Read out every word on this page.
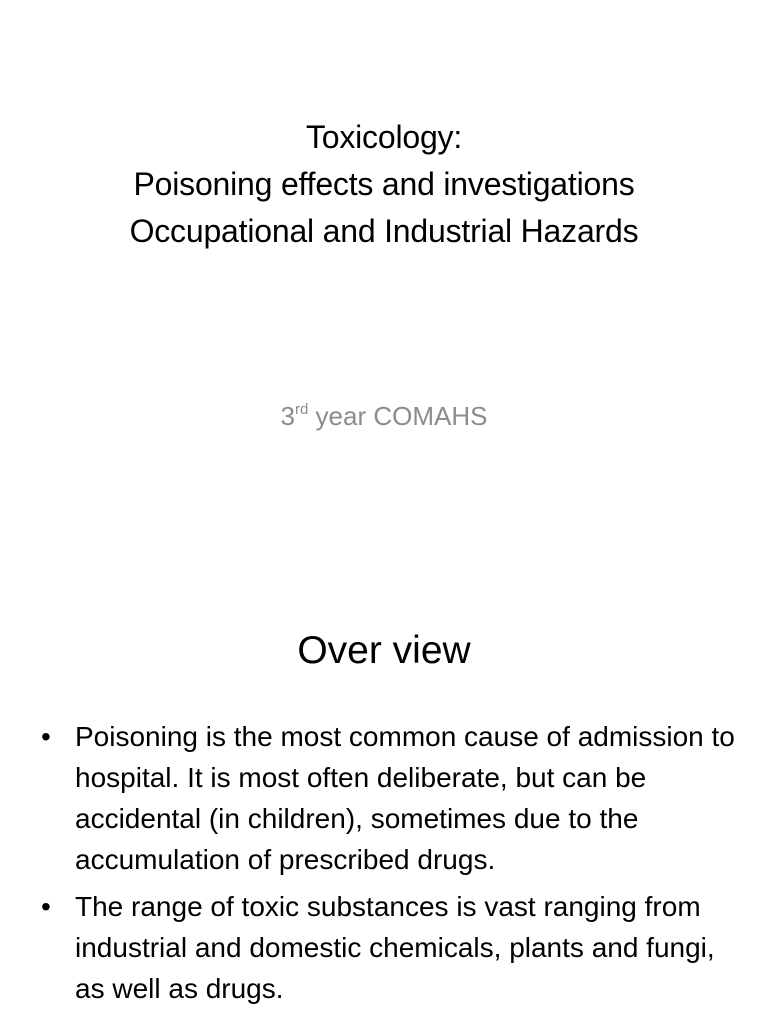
Toxicology:
Poisoning effects and investigations
Occupational and Industrial Hazards
3rd year COMAHS
Over view
• Poisoning is the most common cause of admission to hospital. It is most often deliberate, but can be accidental (in children), sometimes due to the accumulation of prescribed drugs.
• The range of toxic substances is vast ranging from industrial and domestic chemicals, plants and fungi, as well as drugs.
